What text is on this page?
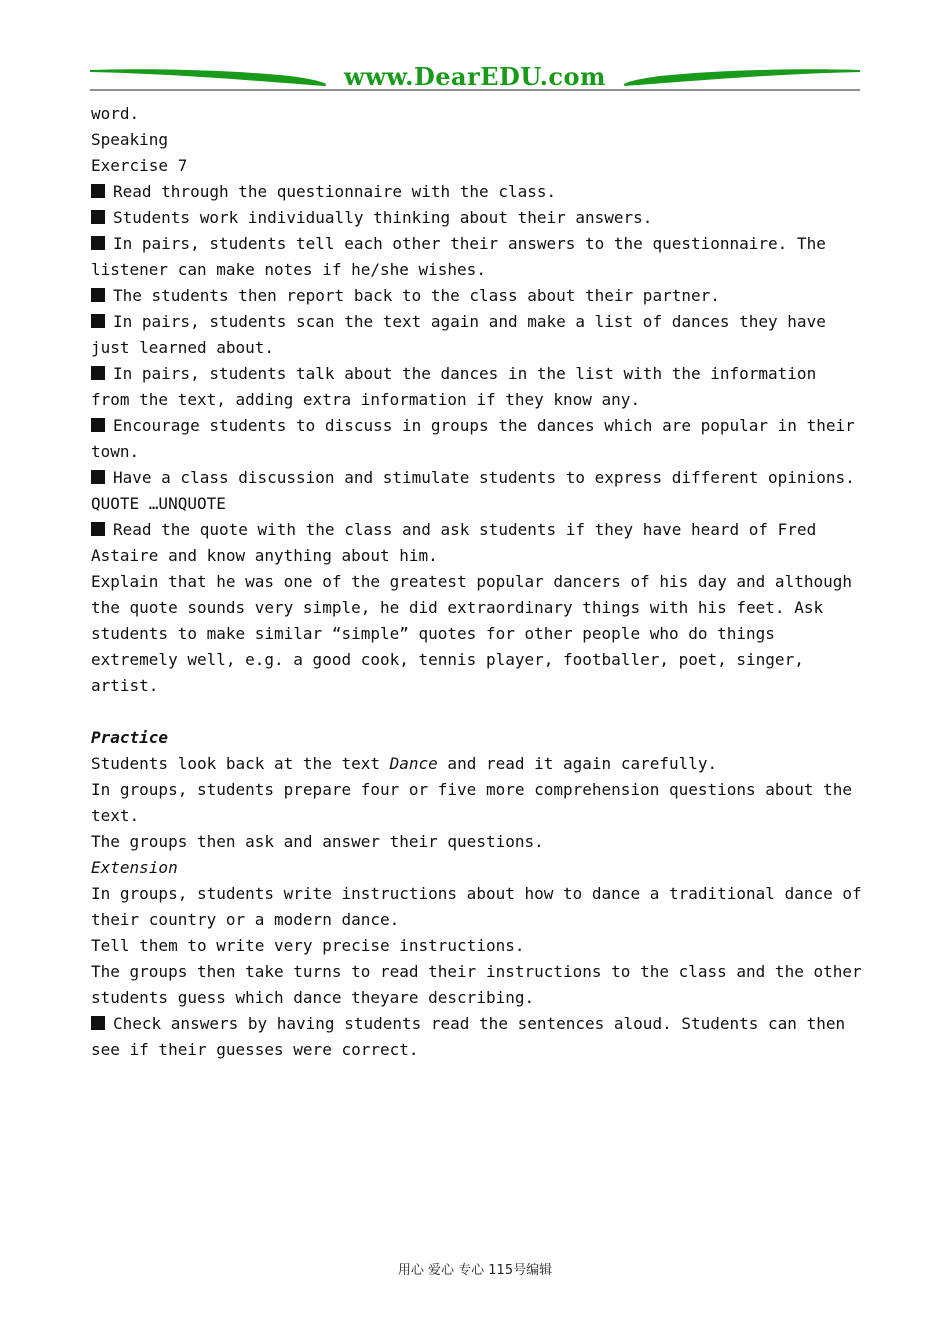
www.DearEDU.com
word.
Speaking
Exercise 7
Read through the questionnaire with the class.
Students work individually thinking about their answers.
In pairs, students tell each other their answers to the questionnaire. The
listener can make notes if he/she wishes.
The students then report back to the class about their partner.
In pairs, students scan the text again and make a list of dances they have
just learned about.
In pairs, students talk about the dances in the list with the information
from the text, adding extra information if they know any.
Encourage students to discuss in groups the dances which are popular in their
town.
Have a class discussion and stimulate students to express different opinions.
QUOTE …UNQUOTE
Read the quote with the class and ask students if they have heard of Fred
Astaire and know anything about him.
Explain that he was one of the greatest popular dancers of his day and although
the quote sounds very simple, he did extraordinary things with his feet. Ask
students to make similar “simple” quotes for other people who do things
extremely well, e.g. a good cook, tennis player, footballer, poet, singer,
artist.
Practice
Students look back at the text Dance and read it again carefully.
In groups, students prepare four or five more comprehension questions about the
text.
The groups then ask and answer their questions.
Extension
In groups, students write instructions about how to dance a traditional dance of
their country or a modern dance.
Tell them to write very precise instructions.
The groups then take turns to read their instructions to the class and the other
students guess which dance theyare describing.
Check answers by having students read the sentences aloud. Students can then
see if their guesses were correct.
用心 爱心 专心 115号编辑
